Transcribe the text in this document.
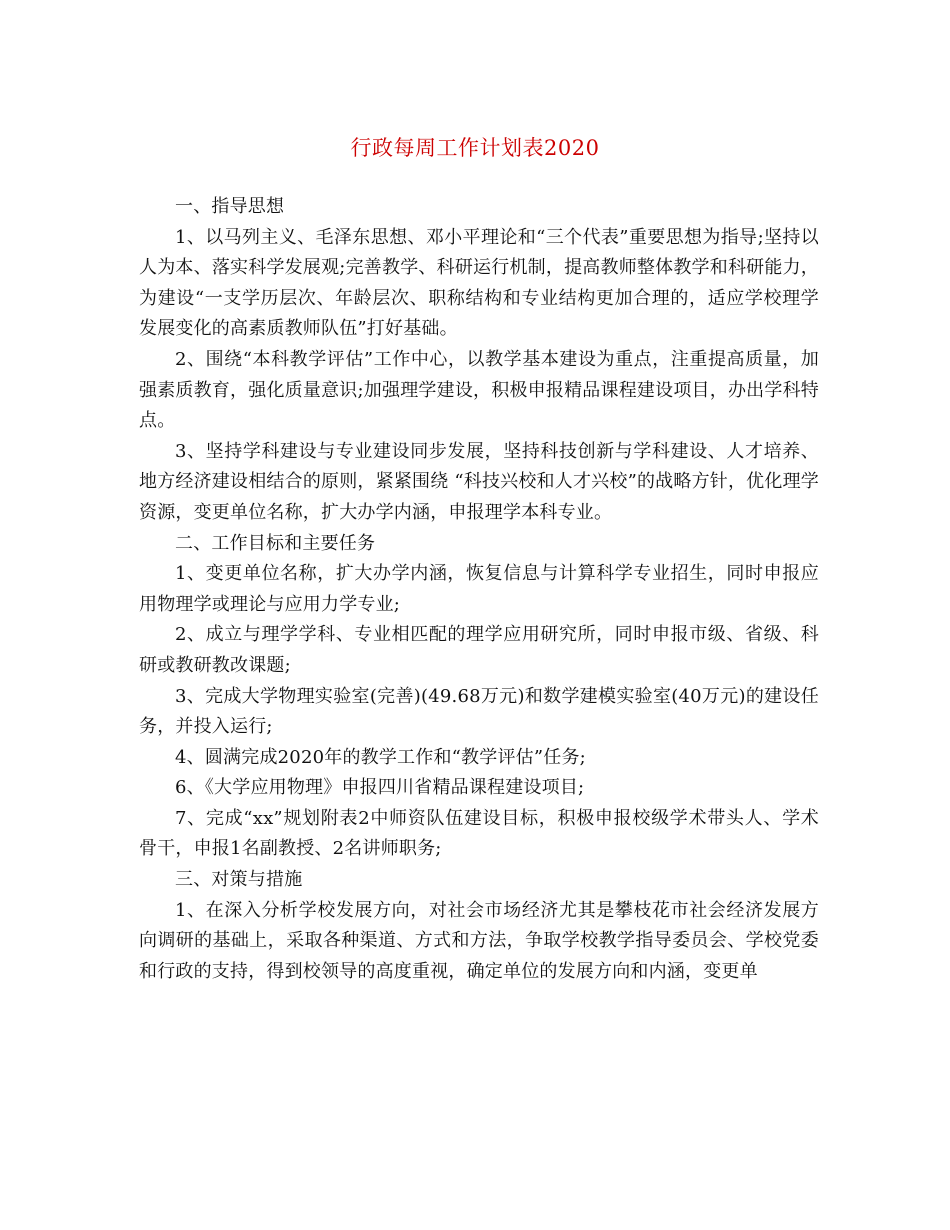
行政每周工作计划表2020

一、指导思想

1、以马列主义、毛泽东思想、邓小平理论和“三个代表”重要思想为指导;坚持以人为本、落实科学发展观;完善教学、科研运行机制，提高教师整体教学和科研能力，为建设“一支学历层次、年龄层次、职称结构和专业结构更加合理的，适应学校理学发展变化的高素质教师队伍”打好基础。

2、围绕“本科教学评估”工作中心，以教学基本建设为重点，注重提高质量，加强素质教育，强化质量意识;加强理学建设，积极申报精品课程建设项目，办出学科特点。

3、坚持学科建设与专业建设同步发展，坚持科技创新与学科建设、人才培养、地方经济建设相结合的原则，紧紧围绕 “科技兴校和人才兴校”的战略方针，优化理学资源，变更单位名称，扩大办学内涵，申报理学本科专业。

二、工作目标和主要任务

1、变更单位名称，扩大办学内涵，恢复信息与计算科学专业招生，同时申报应用物理学或理论与应用力学专业;

2、成立与理学学科、专业相匹配的理学应用研究所，同时申报市级、省级、科研或教研教改课题;

3、完成大学物理实验室(完善)(49.68万元)和数学建模实验室(40万元)的建设任务，并投入运行;

4、圆满完成2020年的教学工作和“教学评估”任务;

6、《大学应用物理》申报四川省精品课程建设项目;

7、完成“xx”规划附表2中师资队伍建设目标，积极申报校级学术带头人、学术骨干，申报1名副教授、2名讲师职务;

三、对策与措施

1、在深入分析学校发展方向，对社会市场经济尤其是攀枝花市社会经济发展方向调研的基础上，采取各种渠道、方式和方法，争取学校教学指导委员会、学校党委和行政的支持，得到校领导的高度重视，确定单位的发展方向和内涵，变更单
